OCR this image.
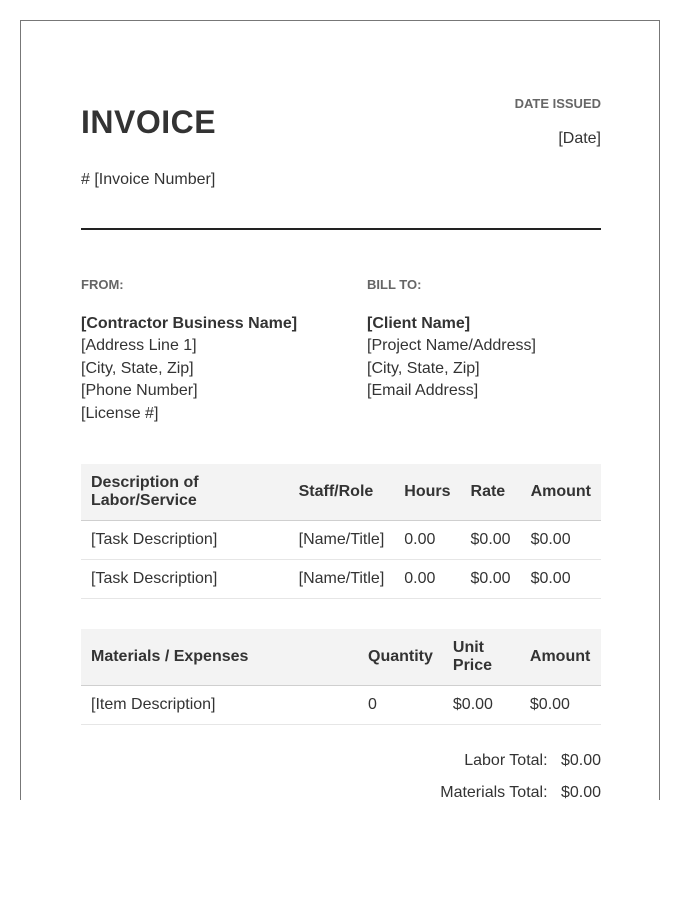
INVOICE
# [Invoice Number]
DATE ISSUED
[Date]
FROM:
[Contractor Business Name]
[Address Line 1]
[City, State, Zip]
[Phone Number]
[License #]
BILL TO:
[Client Name]
[Project Name/Address]
[City, State, Zip]
[Email Address]
Description of Labor/Service	Staff/Role	Hours	Rate	Amount
[Task Description]	[Name/Title]	0.00	$0.00	$0.00
[Task Description]	[Name/Title]	0.00	$0.00	$0.00
Materials / Expenses	Quantity	Unit Price	Amount
[Item Description]	0	$0.00	$0.00
Labor Total: $0.00
Materials Total: $0.00
